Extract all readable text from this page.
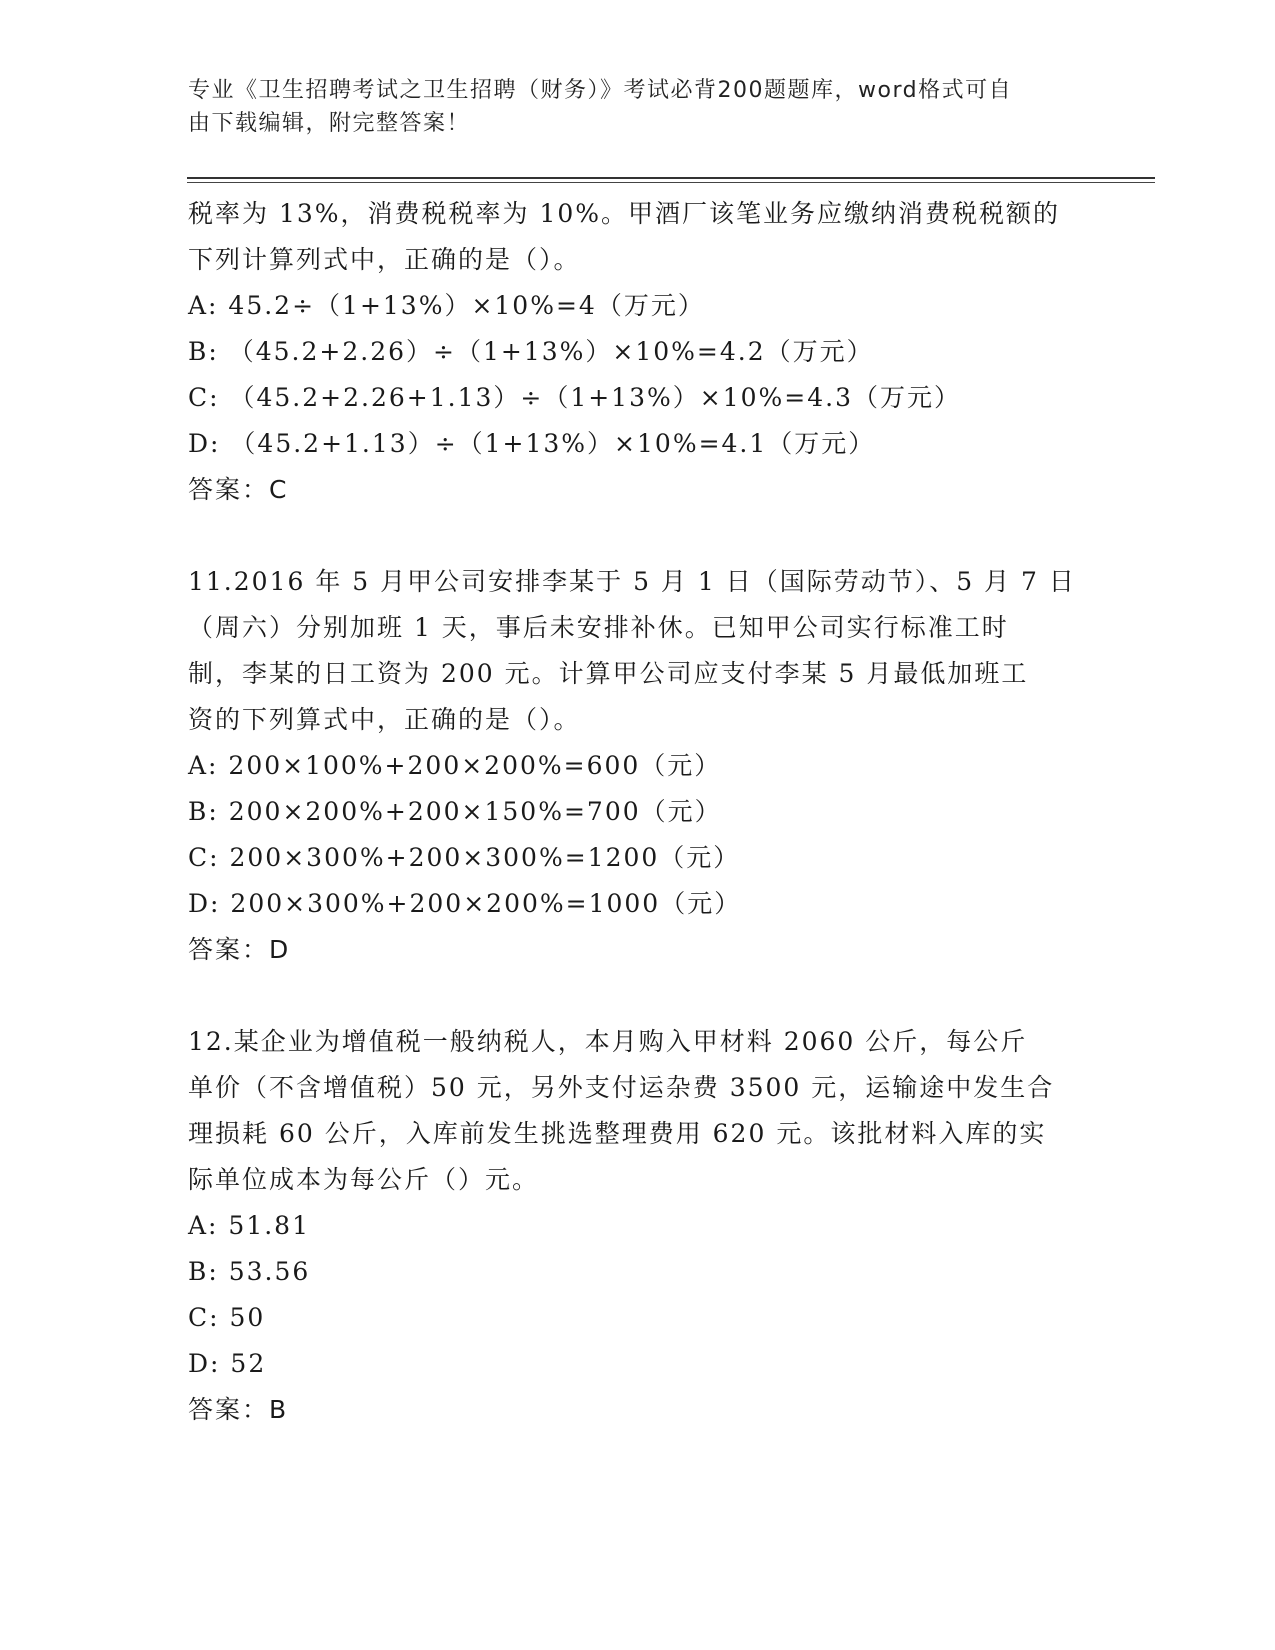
专业《卫生招聘考试之卫生招聘（财务）》考试必背200题题库，word格式可自
由下载编辑，附完整答案！

税率为 13%，消费税税率为 10%。甲酒厂该笔业务应缴纳消费税税额的

下列计算列式中，正确的是（）。

A: 45.2÷（1+13%）×10%=4（万元）

B: （45.2+2.26）÷（1+13%）×10%=4.2（万元）

C: （45.2+2.26+1.13）÷（1+13%）×10%=4.3（万元）

D: （45.2+1.13）÷（1+13%）×10%=4.1（万元）

答案：C

11.2016 年 5 月甲公司安排李某于 5 月 1 日（国际劳动节）、5 月 7 日

（周六）分别加班 1 天，事后未安排补休。已知甲公司实行标准工时

制，李某的日工资为 200 元。计算甲公司应支付李某 5 月最低加班工

资的下列算式中，正确的是（）。

A: 200×100%+200×200%=600（元）

B: 200×200%+200×150%=700（元）

C: 200×300%+200×300%=1200（元）

D: 200×300%+200×200%=1000（元）

答案：D

12.某企业为增值税一般纳税人，本月购入甲材料 2060 公斤，每公斤

单价（不含增值税）50 元，另外支付运杂费 3500 元，运输途中发生合

理损耗 60 公斤，入库前发生挑选整理费用 620 元。该批材料入库的实

际单位成本为每公斤（）元。

A: 51.81

B: 53.56

C: 50

D: 52

答案：B
